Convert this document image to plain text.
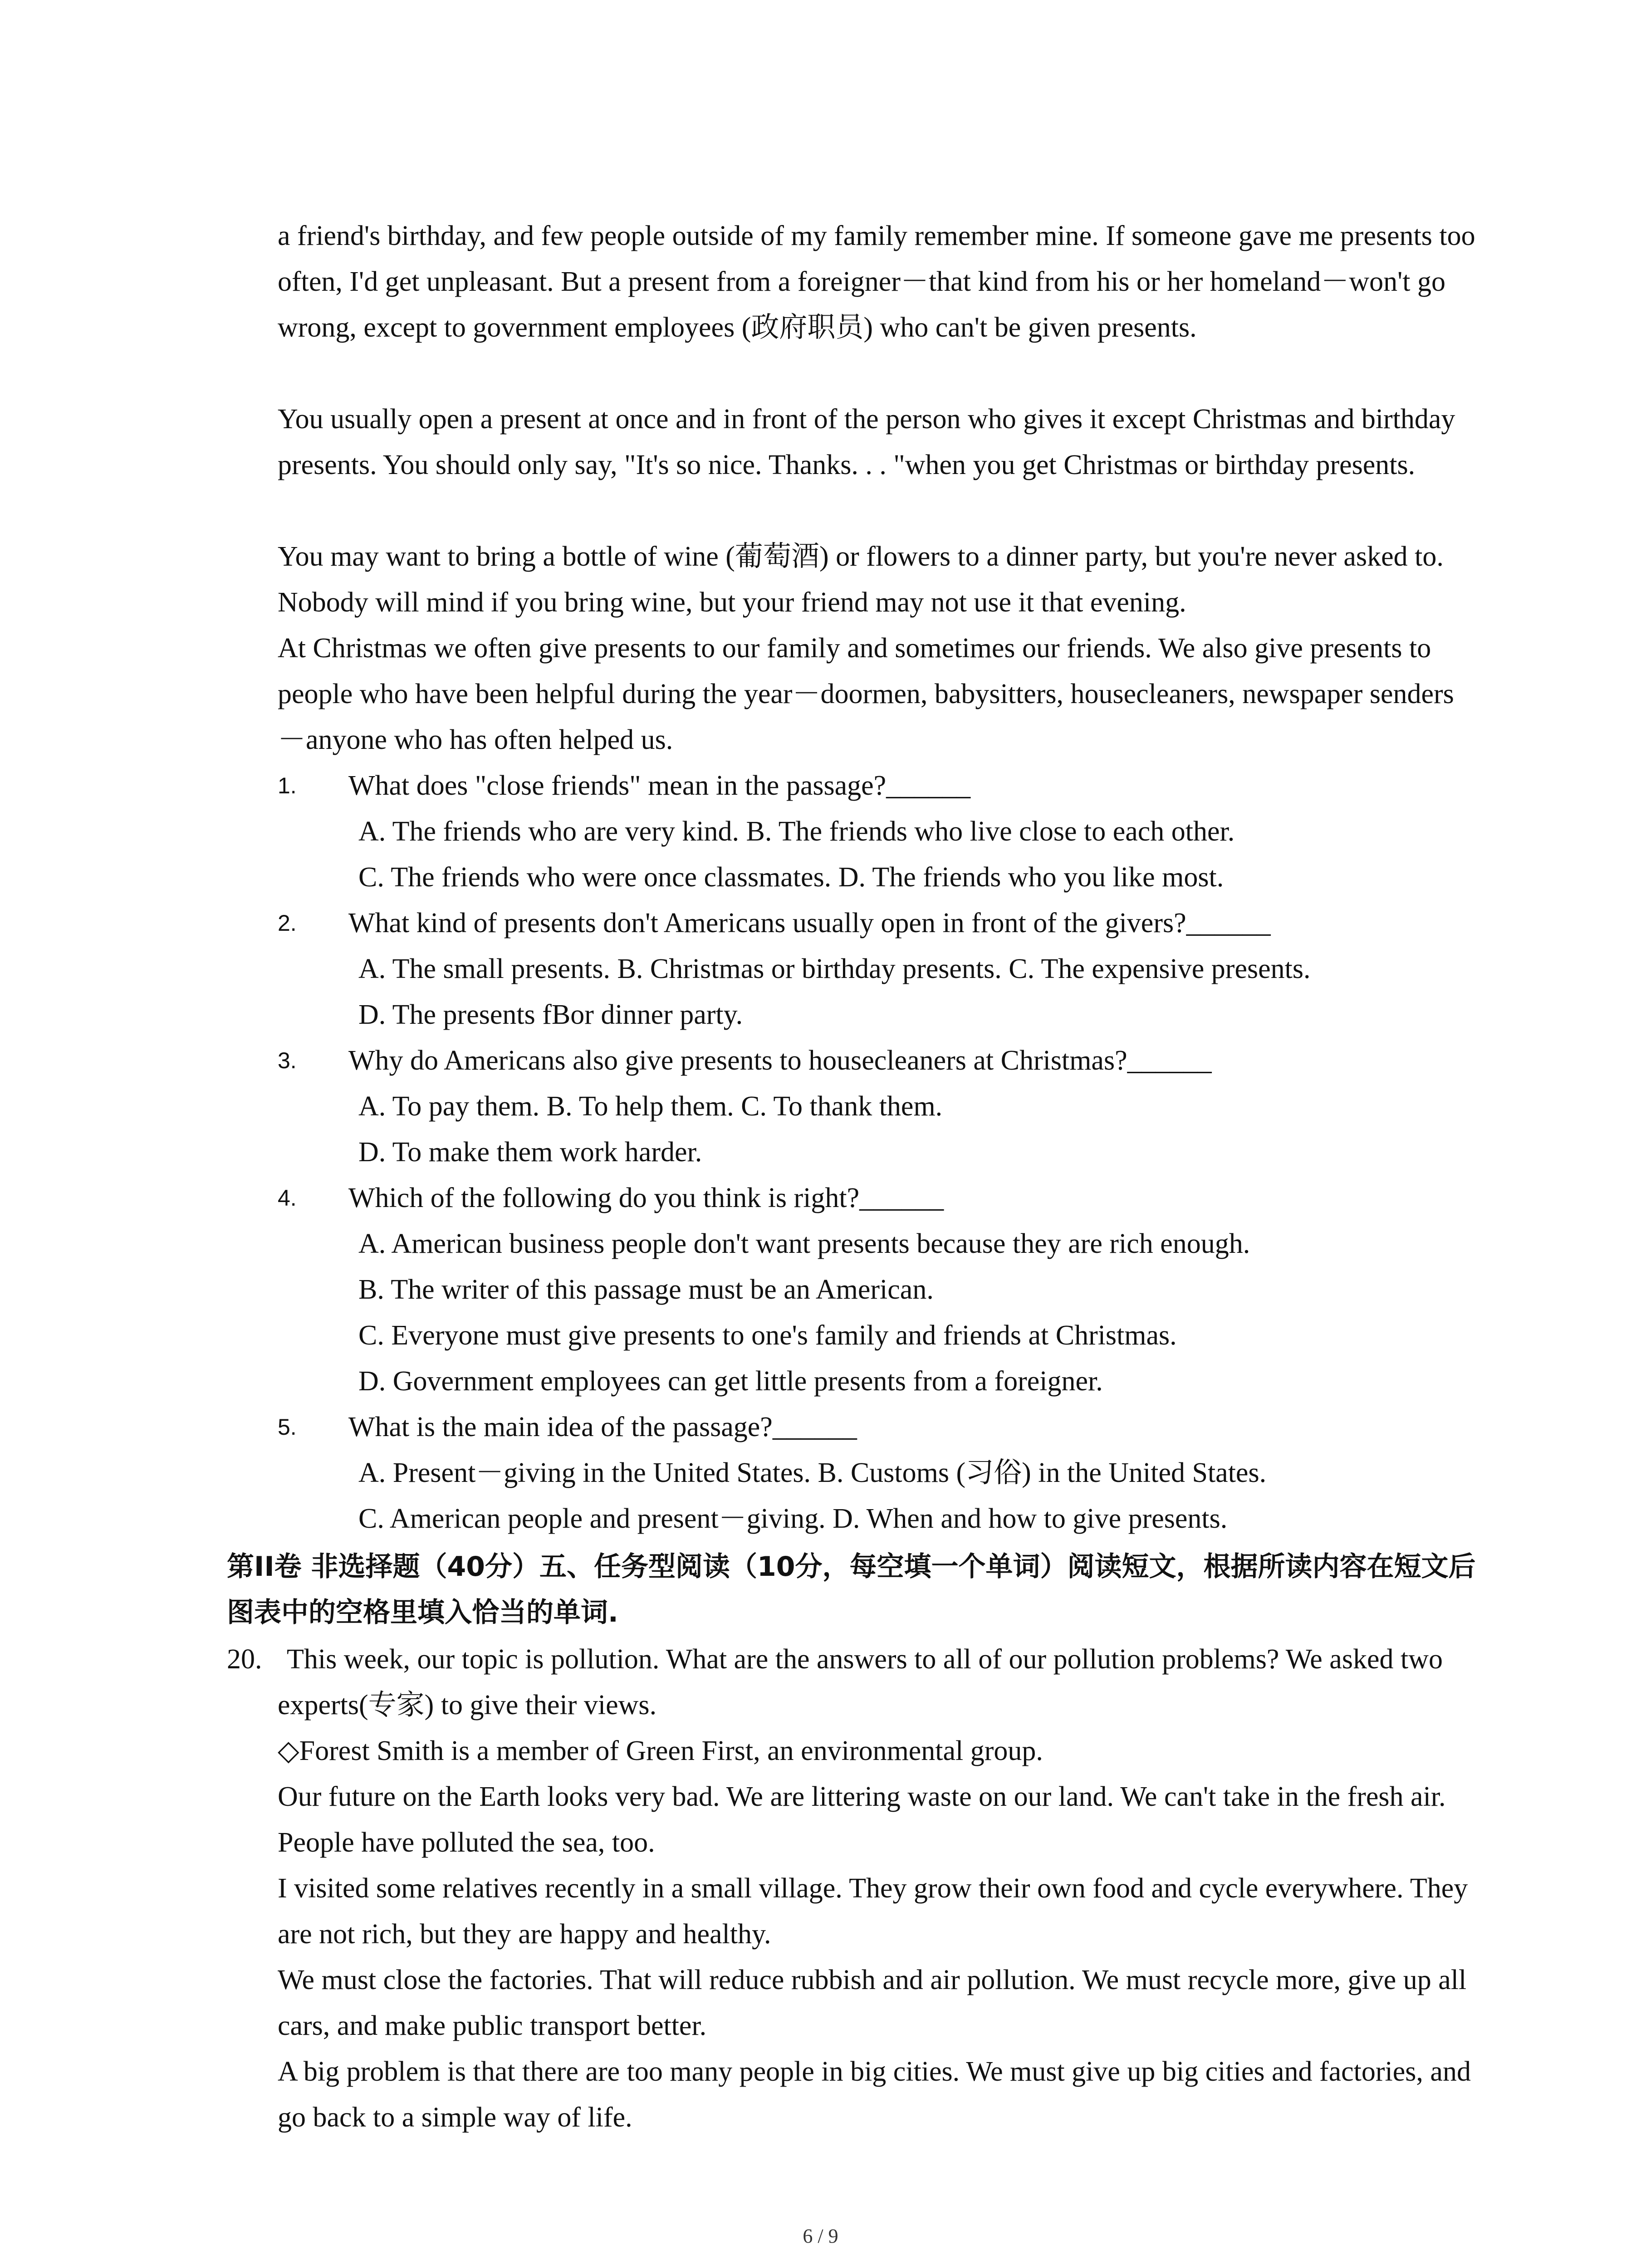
a friend's birthday, and few people outside of my family remember mine. If someone gave me presents too often, I'd get unpleasant. But a present from a foreigner－that kind from his or her homeland－won't go wrong, except to government employees (政府职员) who can't be given presents.
You usually open a present at once and in front of the person who gives it except Christmas and birthday presents. You should only say, "It's so nice. Thanks. . . "when you get Christmas or birthday presents.
You may want to bring a bottle of wine (葡萄酒) or flowers to a dinner party, but you're never asked to. Nobody will mind if you bring wine, but your friend may not use it that evening.
At Christmas we often give presents to our family and sometimes our friends. We also give presents to people who have been helpful during the year－doormen, babysitters, housecleaners, newspaper senders－anyone who has often helped us.
1.	What does "close friends" mean in the passage?______
A. The friends who are very kind. B. The friends who live close to each other.
C. The friends who were once classmates. D. The friends who you like most.
2.	What kind of presents don't Americans usually open in front of the givers?______
A. The small presents. B. Christmas or birthday presents. C. The expensive presents.
D. The presents fBor dinner party.
3.	Why do Americans also give presents to housecleaners at Christmas?______
A. To pay them. B. To help them. C. To thank them.
D. To make them work harder.
4.	Which of the following do you think is right?______
A. American business people don't want presents because they are rich enough.
B. The writer of this passage must be an American.
C. Everyone must give presents to one's family and friends at Christmas.
D. Government employees can get little presents from a foreigner.
5.	What is the main idea of the passage?______
A. Present－giving in the United States. B. Customs (习俗) in the United States.
C. American people and present－giving. D. When and how to give presents.
第II卷 非选择题（40分）五、任务型阅读（10分，每空填一个单词）阅读短文，根据所读内容在短文后图表中的空格里填入恰当的单词.
20. This week, our topic is pollution. What are the answers to all of our pollution problems? We asked two experts(专家) to give their views.
◇Forest Smith is a member of Green First, an environmental group.
Our future on the Earth looks very bad. We are littering waste on our land. We can't take in the fresh air. People have polluted the sea, too.
I visited some relatives recently in a small village. They grow their own food and cycle everywhere. They are not rich, but they are happy and healthy.
We must close the factories. That will reduce rubbish and air pollution. We must recycle more, give up all cars, and make public transport better.
A big problem is that there are too many people in big cities. We must give up big cities and factories, and go back to a simple way of life.
6 / 9
